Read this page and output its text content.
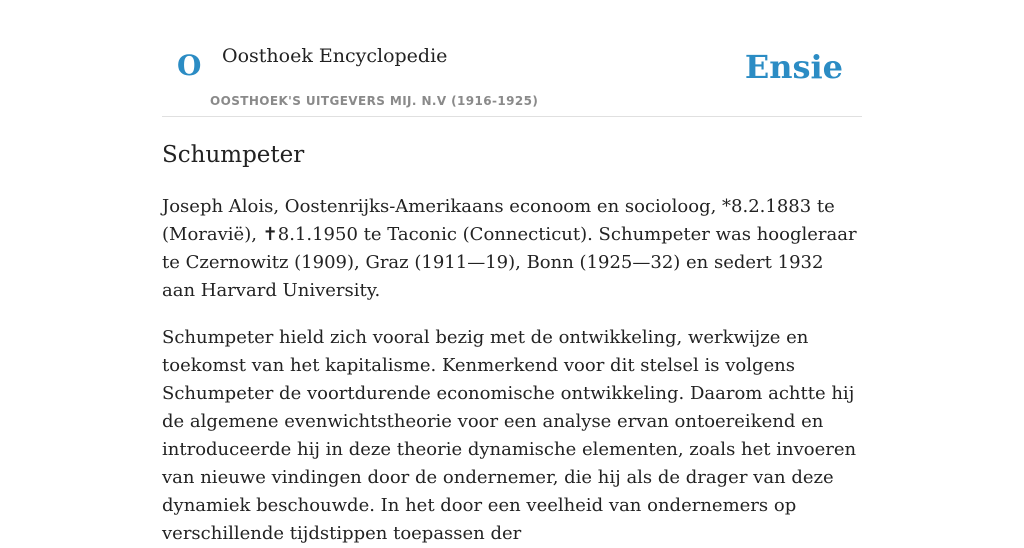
O Oosthoek Encyclopedie
OOSTHOEK'S UITGEVERS MIJ. N.V (1916-1925)
Ensie
Schumpeter

Joseph Alois, Oostenrijks-Amerikaans econoom en socioloog, *8.2.1883 te (Moravië), ✝8.1.1950 te Taconic (Connecticut). Schumpeter was hoogleraar te Czernowitz (1909), Graz (1911—19), Bonn (1925—32) en sedert 1932 aan Harvard University.

Schumpeter hield zich vooral bezig met de ontwikkeling, werkwijze en toekomst van het kapitalisme. Kenmerkend voor dit stelsel is volgens Schumpeter de voortdurende economische ontwikkeling. Daarom achtte hij de algemene evenwichtstheorie voor een analyse ervan ontoereikend en introduceerde hij in deze theorie dynamische elementen, zoals het invoeren van nieuwe vindingen door de ondernemer, die hij als de drager van deze dynamiek beschouwde. In het door een veelheid van ondernemers op verschillende tijdstippen toepassen der
